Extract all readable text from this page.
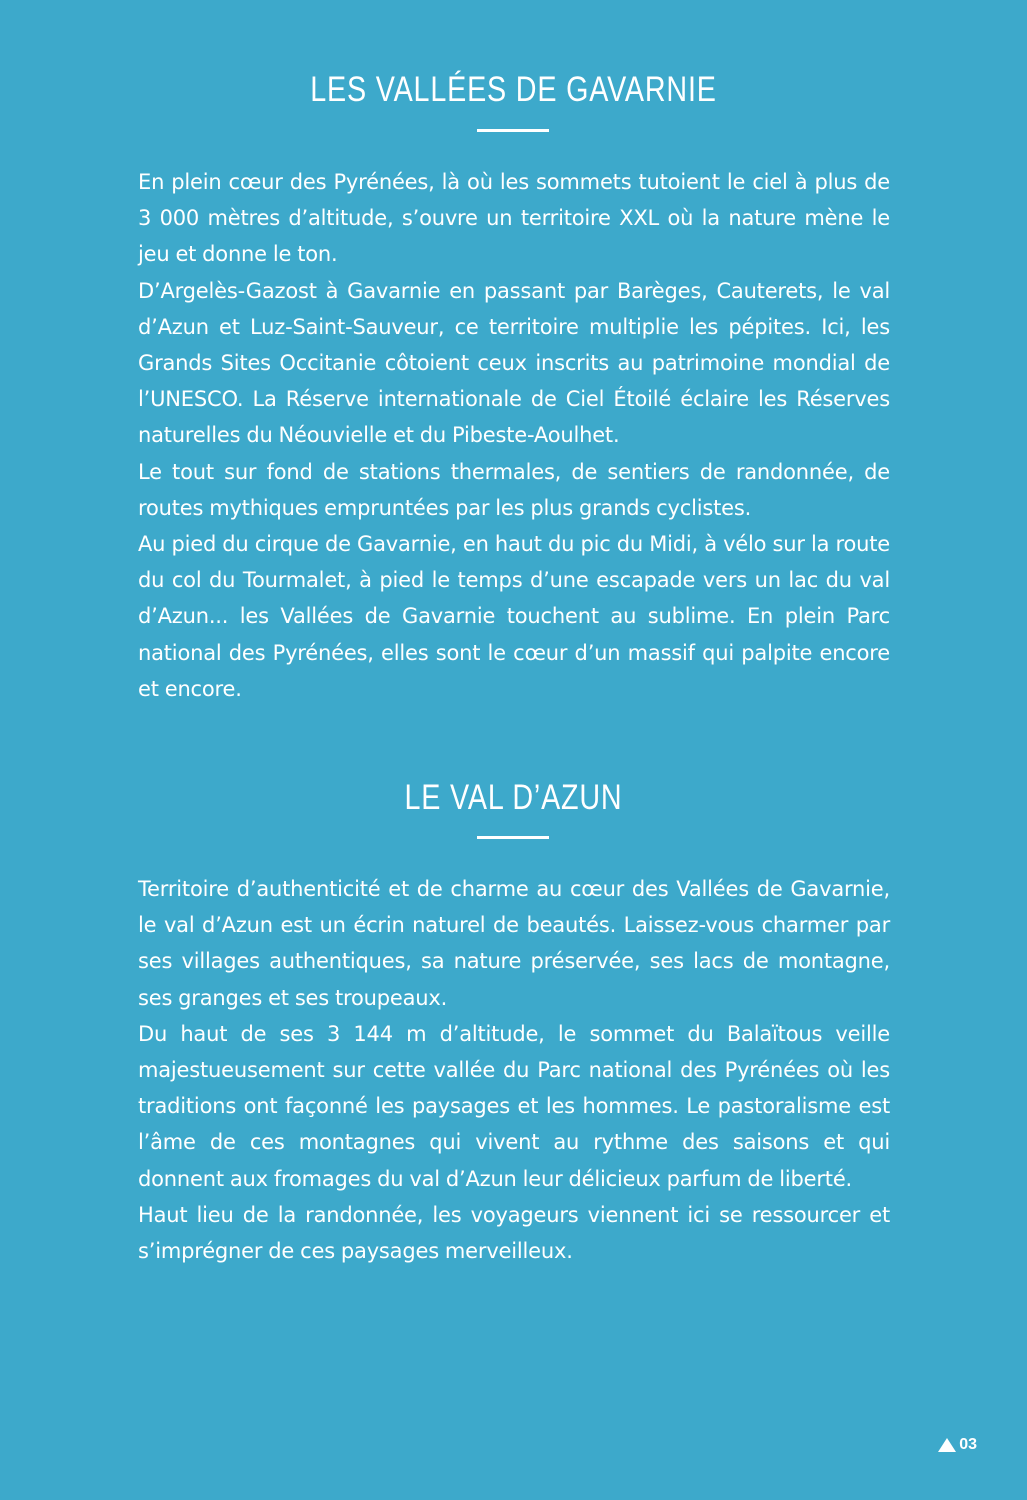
LES VALLÉES DE GAVARNIE

En plein cœur des Pyrénées, là où les sommets tutoient le ciel à plus de 3 000 mètres d’altitude, s’ouvre un territoire XXL où la nature mène le jeu et donne le ton.

D’Argelès-Gazost à Gavarnie en passant par Barèges, Cauterets, le val d’Azun et Luz-Saint-Sauveur, ce territoire multiplie les pépites. Ici, les Grands Sites Occitanie côtoient ceux inscrits au patrimoine mondial de l’UNESCO. La Réserve internationale de Ciel Étoilé éclaire les Réserves naturelles du Néouvielle et du Pibeste-Aoulhet.

Le tout sur fond de stations thermales, de sentiers de randonnée, de routes mythiques empruntées par les plus grands cyclistes.

Au pied du cirque de Gavarnie, en haut du pic du Midi, à vélo sur la route du col du Tourmalet, à pied le temps d’une escapade vers un lac du val d’Azun... les Vallées de Gavarnie touchent au sublime. En plein Parc national des Pyrénées, elles sont le cœur d’un massif qui palpite encore et encore.

LE VAL D’AZUN

Territoire d’authenticité et de charme au cœur des Vallées de Gavarnie, le val d’Azun est un écrin naturel de beautés. Laissez-vous charmer par ses villages authentiques, sa nature préservée, ses lacs de montagne, ses granges et ses troupeaux.

Du haut de ses 3 144 m d’altitude, le sommet du Balaïtous veille majestueusement sur cette vallée du Parc national des Pyrénées où les traditions ont façonné les paysages et les hommes. Le pastoralisme est l’âme de ces montagnes qui vivent au rythme des saisons et qui donnent aux fromages du val d’Azun leur délicieux parfum de liberté.

Haut lieu de la randonnée, les voyageurs viennent ici se ressourcer et s’imprégner de ces paysages merveilleux.

03
